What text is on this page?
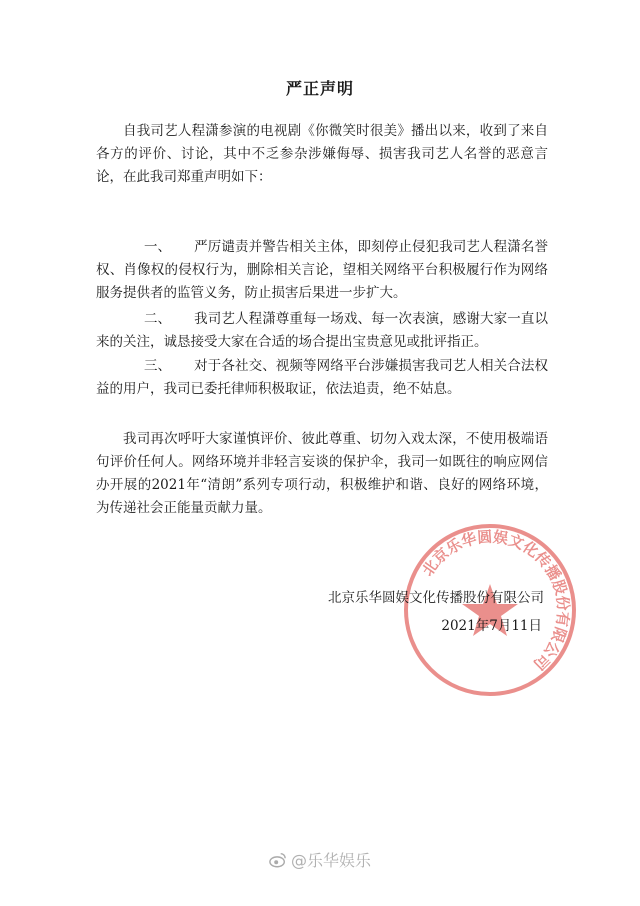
严正声明

自我司艺人程潇参演的电视剧《你微笑时很美》播出以来，收到了来自各方的评价、讨论，其中不乏参杂涉嫌侮辱、损害我司艺人名誉的恶意言论，在此我司郑重声明如下：

一、 严厉谴责并警告相关主体，即刻停止侵犯我司艺人程潇名誉权、肖像权的侵权行为，删除相关言论，望相关网络平台积极履行作为网络服务提供者的监管义务，防止损害后果进一步扩大。

二、 我司艺人程潇尊重每一场戏、每一次表演，感谢大家一直以来的关注，诚恳接受大家在合适的场合提出宝贵意见或批评指正。

三、 对于各社交、视频等网络平台涉嫌损害我司艺人相关合法权益的用户，我司已委托律师积极取证，依法追责，绝不姑息。

我司再次呼吁大家谨慎评价、彼此尊重、切勿入戏太深，不使用极端语句评价任何人。网络环境并非轻言妄谈的保护伞，我司一如既往的响应网信办开展的2021年“清朗”系列专项行动，积极维护和谐、良好的网络环境，为传递社会正能量贡献力量。

北京乐华圆娱文化传播股份有限公司
北京乐华圆娱文化传播股份有限公司
2021年7月11日
@乐华娱乐
